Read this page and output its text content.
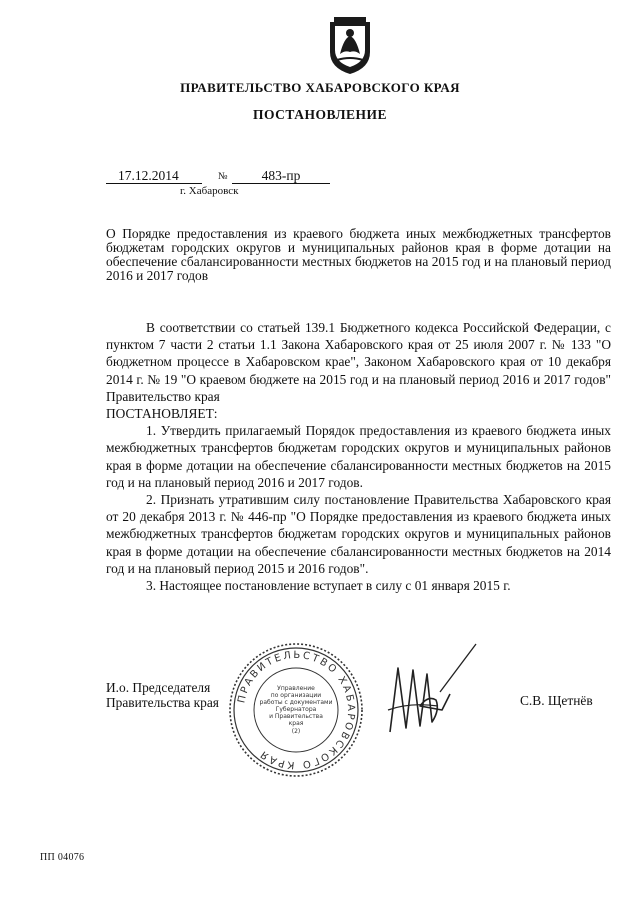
ПРАВИТЕЛЬСТВО ХАБАРОВСКОГО КРАЯ
ПОСТАНОВЛЕНИЕ
17.12.2014	№	483-пр
г. Хабаровск
О Порядке предоставления из краевого бюджета иных межбюджетных трансфертов бюджетам городских округов и муниципальных районов края в форме дотации на обеспечение сбалансированности местных бюджетов на 2015 год и на плановый период 2016 и 2017 годов

В соответствии со статьей 139.1 Бюджетного кодекса Российской Федерации, с пунктом 7 части 2 статьи 1.1 Закона Хабаровского края от 25 июля 2007 г. № 133 "О бюджетном процессе в Хабаровском крае", Законом Хабаровского края от 10 декабря 2014 г. № 19 "О краевом бюджете на 2015 год и на плановый период 2016 и 2017 годов" Правительство края

ПОСТАНОВЛЯЕТ:

1. Утвердить прилагаемый Порядок предоставления из краевого бюджета иных межбюджетных трансфертов бюджетам городских округов и муниципальных районов края в форме дотации на обеспечение сбалансированности местных бюджетов на 2015 год и на плановый период 2016 и 2017 годов.

2. Признать утратившим силу постановление Правительства Хабаровского края от 20 декабря 2013 г. № 446-пр "О Порядке предоставления из краевого бюджета иных межбюджетных трансфертов бюджетам городских округов и муниципальных районов края в форме дотации на обеспечение сбалансированности местных бюджетов на 2014 год и на плановый период 2015 и 2016 годов".

3. Настоящее постановление вступает в силу с 01 января 2015 г.

И.о. Председателя
Правительства края	С.В. Щетнёв
ПРАВИТЕЛЬСТВО ХАБАРОВСКОГО КРАЯ
Управление
по организации
работы с документами
Губернатора
и Правительства
края
(2)
ПП 04076
